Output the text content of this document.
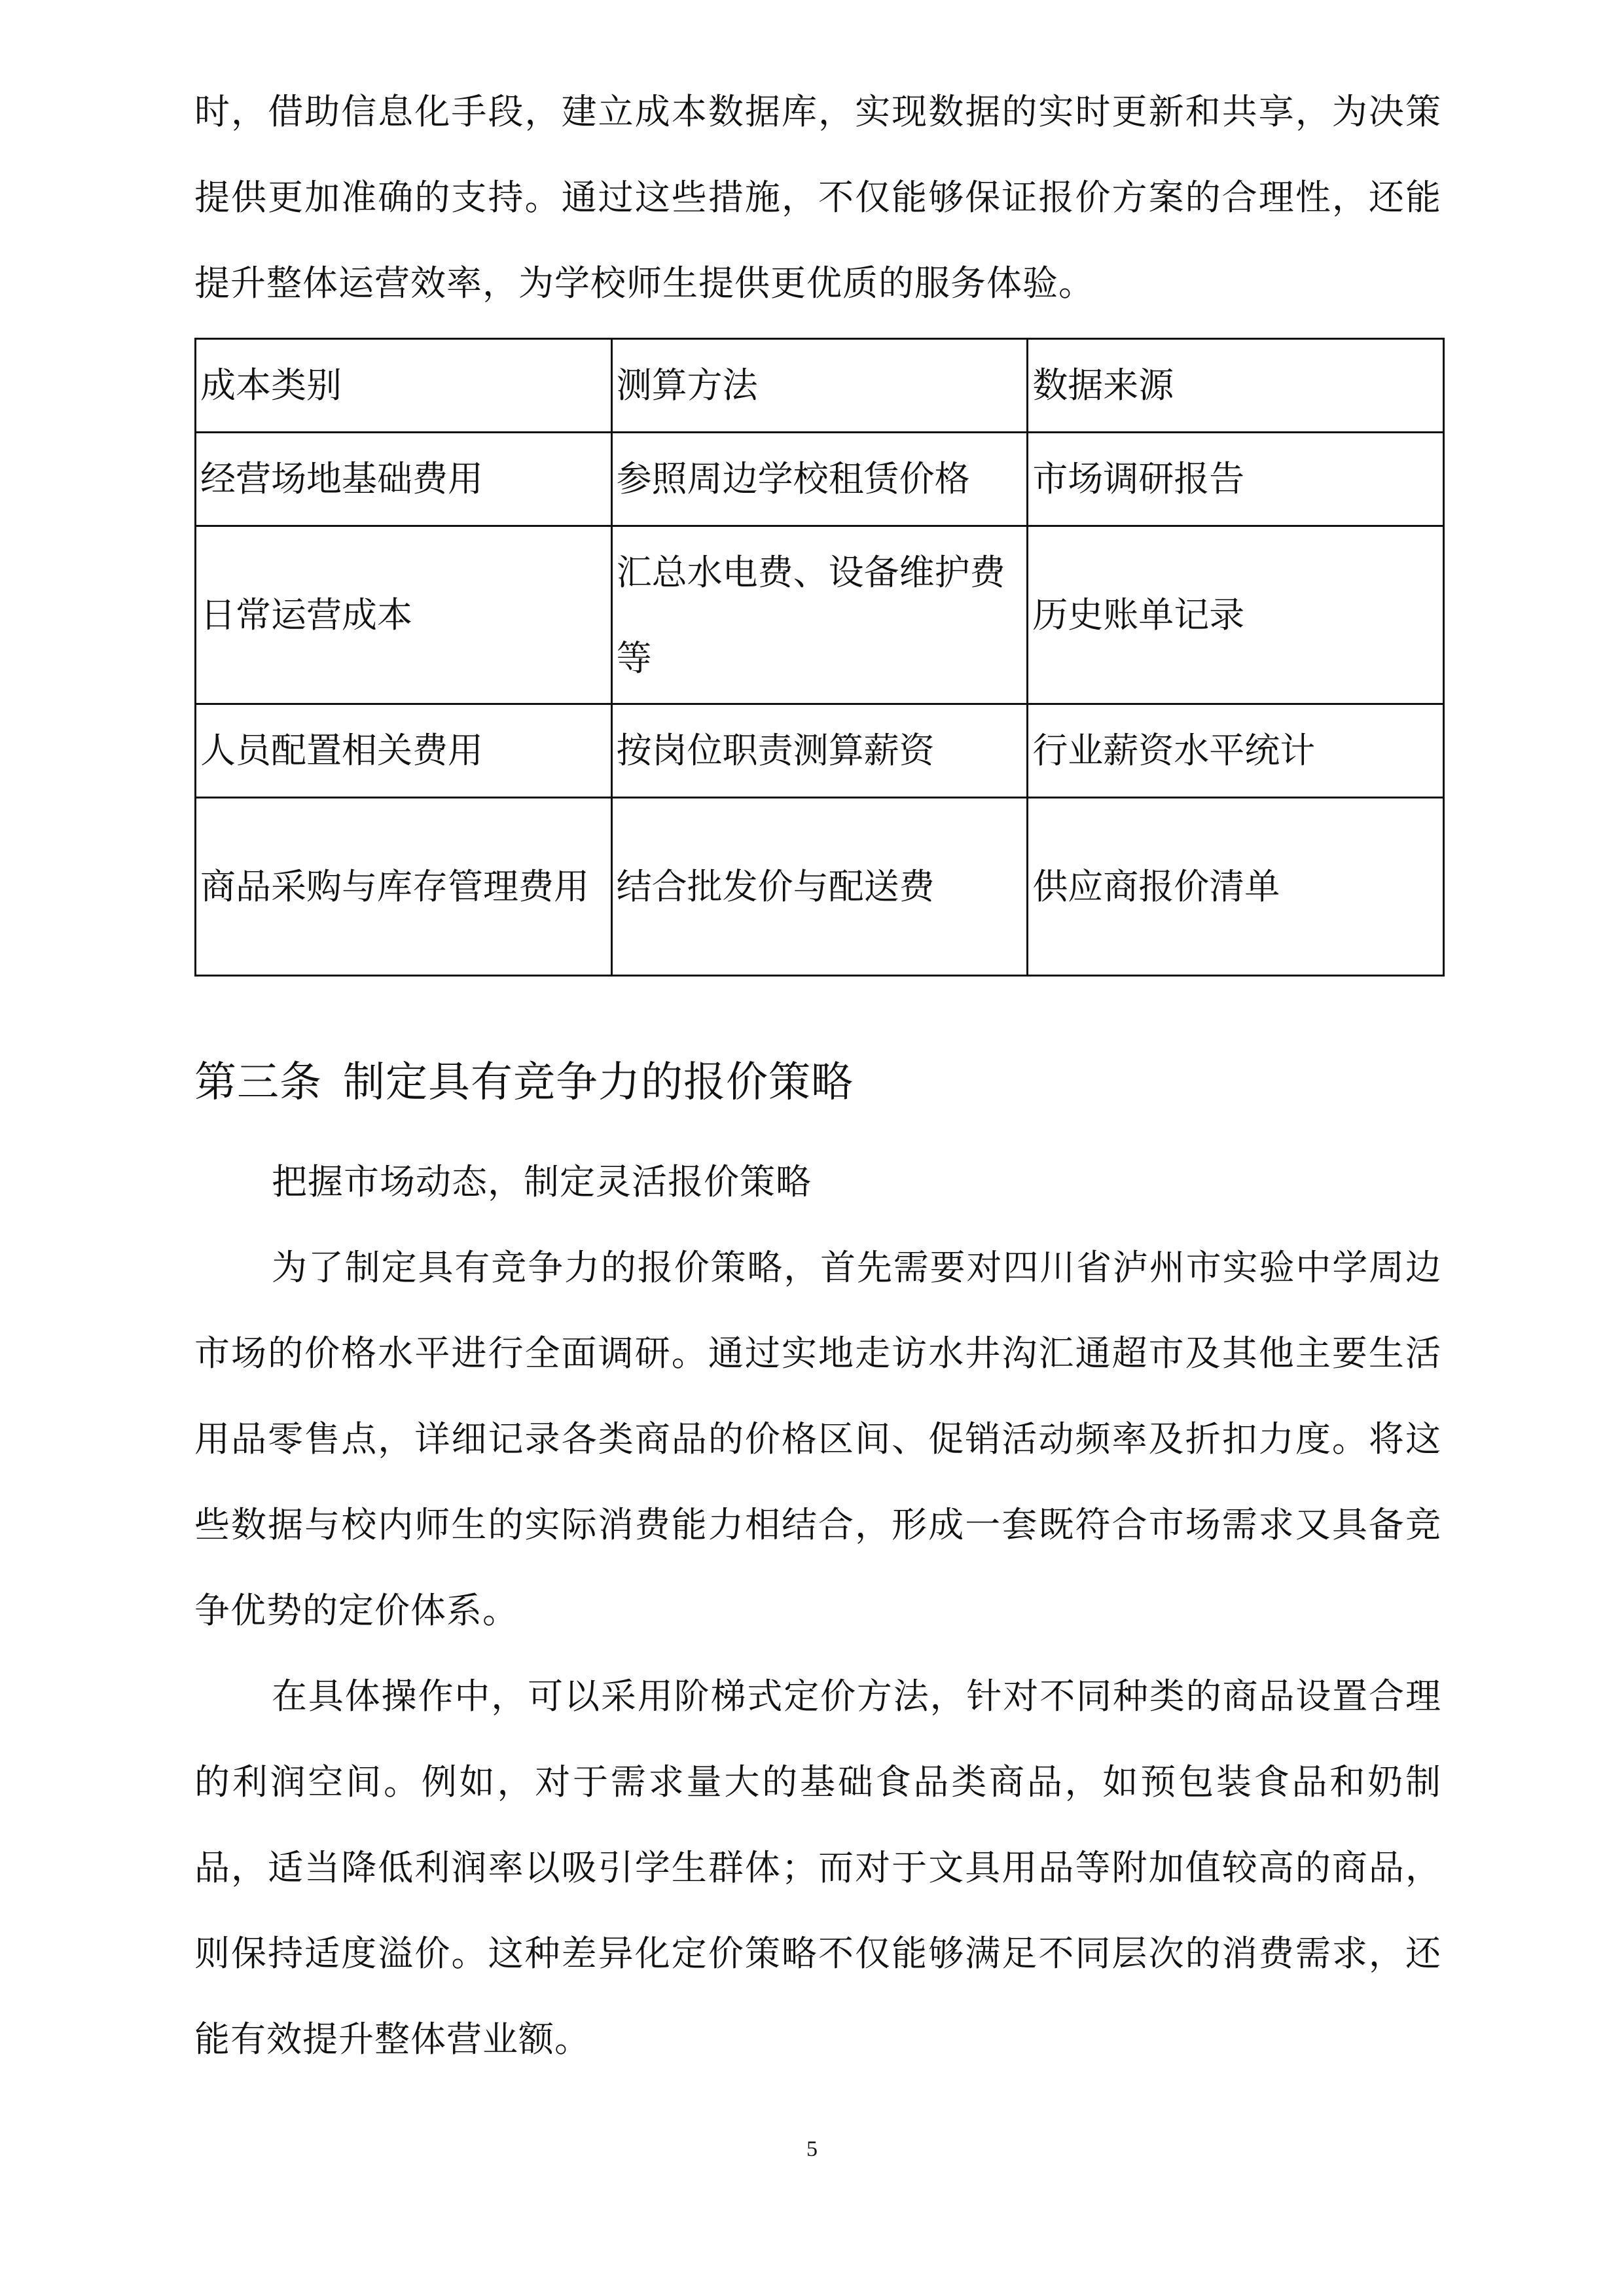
时，借助信息化手段，建立成本数据库，实现数据的实时更新和共享，为决策提供更加准确的支持。通过这些措施，不仅能够保证报价方案的合理性，还能提升整体运营效率，为学校师生提供更优质的服务体验。

成本类别	测算方法	数据来源
经营场地基础费用	参照周边学校租赁价格	市场调研报告
日常运营成本	汇总水电费、设备维护费等	历史账单记录
人员配置相关费用	按岗位职责测算薪资	行业薪资水平统计
商品采购与库存管理费用	结合批发价与配送费	供应商报价清单
第三条 制定具有竞争力的报价策略

把握市场动态，制定灵活报价策略

为了制定具有竞争力的报价策略，首先需要对四川省泸州市实验中学周边市场的价格水平进行全面调研。通过实地走访水井沟汇通超市及其他主要生活用品零售点，详细记录各类商品的价格区间、促销活动频率及折扣力度。将这些数据与校内师生的实际消费能力相结合，形成一套既符合市场需求又具备竞争优势的定价体系。

在具体操作中，可以采用阶梯式定价方法，针对不同种类的商品设置合理的利润空间。例如，对于需求量大的基础食品类商品，如预包装食品和奶制品，适当降低利润率以吸引学生群体；而对于文具用品等附加值较高的商品，则保持适度溢价。这种差异化定价策略不仅能够满足不同层次的消费需求，还能有效提升整体营业额。

5
